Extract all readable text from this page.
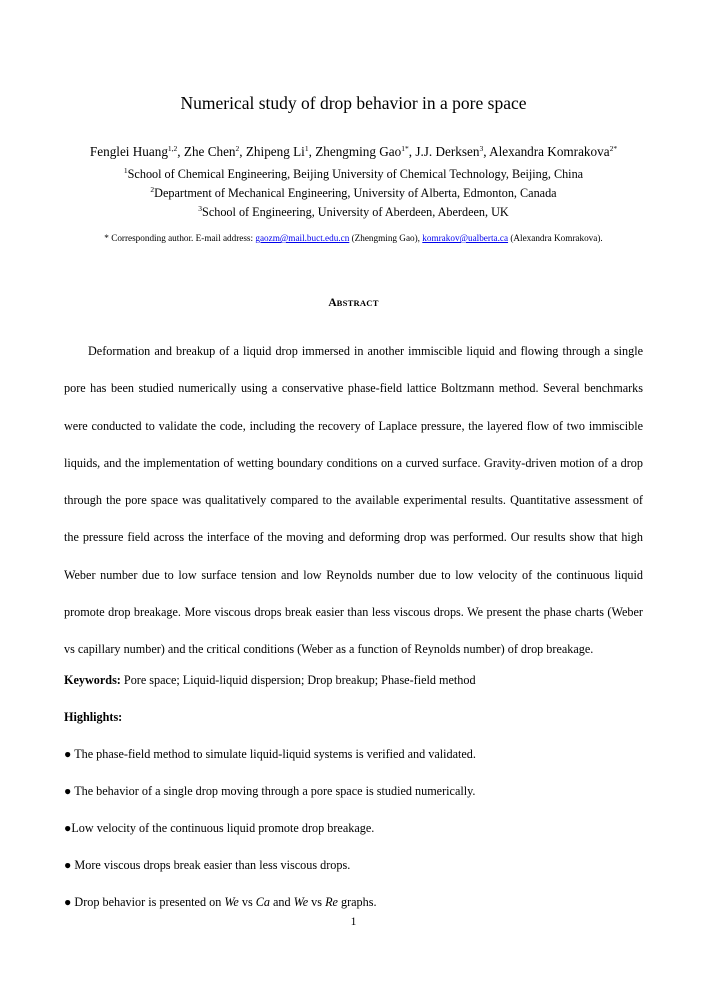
Numerical study of drop behavior in a pore space
Fenglei Huang$^{1,2}$, Zhe Chen$^2$, Zhipeng Li$^1$, Zhengming Gao$^{1*}$, J.J. Derksen$^3$, Alexandra Komrakova$^{2*}$
$^1$School of Chemical Engineering, Beijing University of Chemical Technology, Beijing, China
$^2$Department of Mechanical Engineering, University of Alberta, Edmonton, Canada
$^3$School of Engineering, University of Aberdeen, Aberdeen, UK
* Corresponding author. E-mail address: gaozm@mail.buct.edu.cn (Zhengming Gao), komrakov@ualberta.ca (Alexandra Komrakova).
ABSTRACT
Deformation and breakup of a liquid drop immersed in another immiscible liquid and flowing through a single pore has been studied numerically using a conservative phase-field lattice Boltzmann method. Several benchmarks were conducted to validate the code, including the recovery of Laplace pressure, the layered flow of two immiscible liquids, and the implementation of wetting boundary conditions on a curved surface. Gravity-driven motion of a drop through the pore space was qualitatively compared to the available experimental results. Quantitative assessment of the pressure field across the interface of the moving and deforming drop was performed. Our results show that high Weber number due to low surface tension and low Reynolds number due to low velocity of the continuous liquid promote drop breakage. More viscous drops break easier than less viscous drops. We present the phase charts (Weber vs capillary number) and the critical conditions (Weber as a function of Reynolds number) of drop breakage.
Keywords: Pore space; Liquid-liquid dispersion; Drop breakup; Phase-field method
Highlights:
● The phase-field method to simulate liquid-liquid systems is verified and validated.
● The behavior of a single drop moving through a pore space is studied numerically.
●Low velocity of the continuous liquid promote drop breakage.
● More viscous drops break easier than less viscous drops.
● Drop behavior is presented on We vs Ca and We vs Re graphs.
1
